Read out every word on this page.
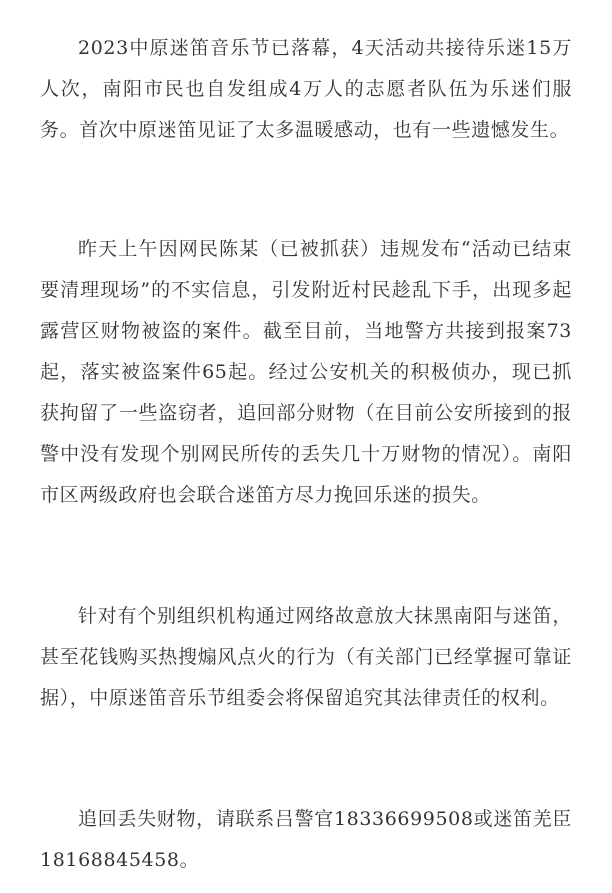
2023中原迷笛音乐节已落幕，4天活动共接待乐迷15万人次，南阳市民也自发组成4万人的志愿者队伍为乐迷们服务。首次中原迷笛见证了太多温暖感动，也有一些遗憾发生。

昨天上午因网民陈某（已被抓获）违规发布“活动已结束要清理现场”的不实信息，引发附近村民趁乱下手，出现多起露营区财物被盗的案件。截至目前，当地警方共接到报案73起，落实被盗案件65起。经过公安机关的积极侦办，现已抓获拘留了一些盗窃者，追回部分财物（在目前公安所接到的报警中没有发现个别网民所传的丢失几十万财物的情况）。南阳市区两级政府也会联合迷笛方尽力挽回乐迷的损失。

针对有个别组织机构通过网络故意放大抹黑南阳与迷笛，甚至花钱购买热搜煽风点火的行为（有关部门已经掌握可靠证据），中原迷笛音乐节组委会将保留追究其法律责任的权利。

追回丢失财物，请联系吕警官18336699508或迷笛羌臣 18168845458。
